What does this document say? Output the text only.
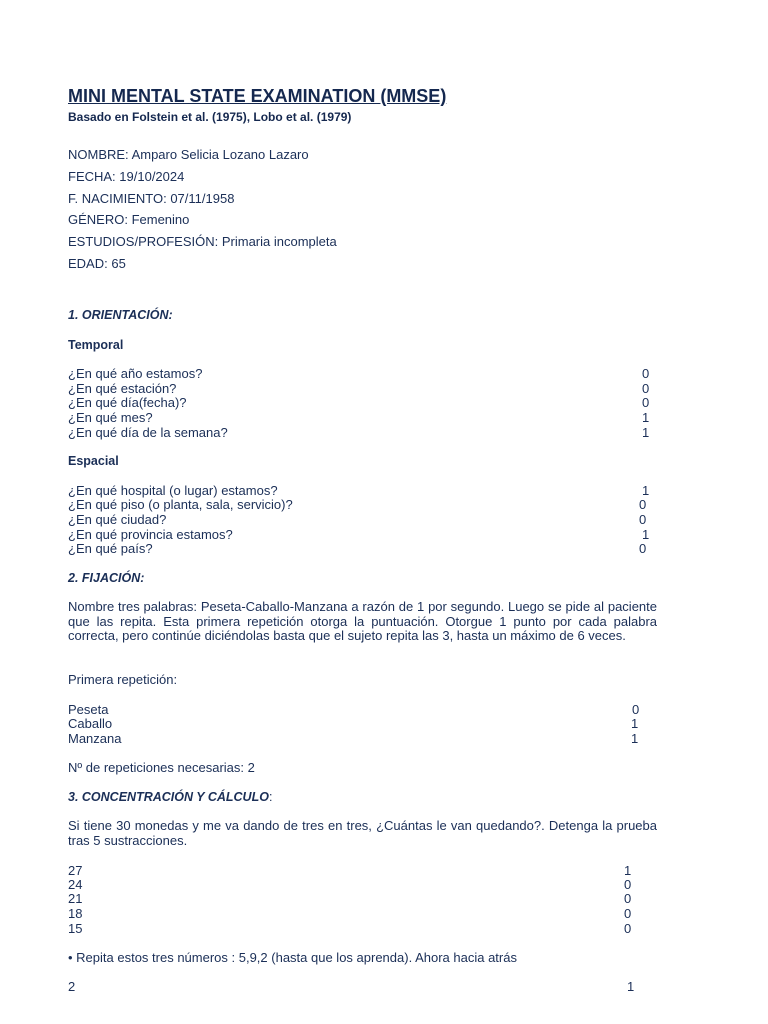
MINI MENTAL STATE EXAMINATION (MMSE)
Basado en Folstein et al. (1975), Lobo et al. (1979)
NOMBRE: Amparo Selicia Lozano Lazaro
FECHA: 19/10/2024
F. NACIMIENTO: 07/11/1958
GÉNERO: Femenino
ESTUDIOS/PROFESIÓN: Primaria incompleta
EDAD: 65
1. ORIENTACIÓN:
Temporal
¿En qué año estamos?	0
¿En qué estación?	0
¿En qué día(fecha)?	0
¿En qué mes?	1
¿En qué día de la semana?	1
Espacial
¿En qué hospital (o lugar) estamos?	1
¿En qué piso (o planta, sala, servicio)?	0
¿En qué ciudad?	0
¿En qué provincia estamos?	1
¿En qué país?	0
2. FIJACIÓN:
Nombre tres palabras: Peseta-Caballo-Manzana a razón de 1 por segundo. Luego se pide al paciente que las repita. Esta primera repetición otorga la puntuación. Otorgue 1 punto por cada palabra correcta, pero continúe diciéndolas basta que el sujeto repita las 3, hasta un máximo de 6 veces.
Primera repetición:
Peseta	0
Caballo	1
Manzana	1
Nº de repeticiones necesarias: 2
3. CONCENTRACIÓN Y CÁLCULO:
Si tiene 30 monedas y me va dando de tres en tres, ¿Cuántas le van quedando?. Detenga la prueba tras 5 sustracciones.
27	1
24	0
21	0
18	0
15	0
• Repita estos tres números : 5,9,2 (hasta que los aprenda). Ahora hacia atrás
2	1
